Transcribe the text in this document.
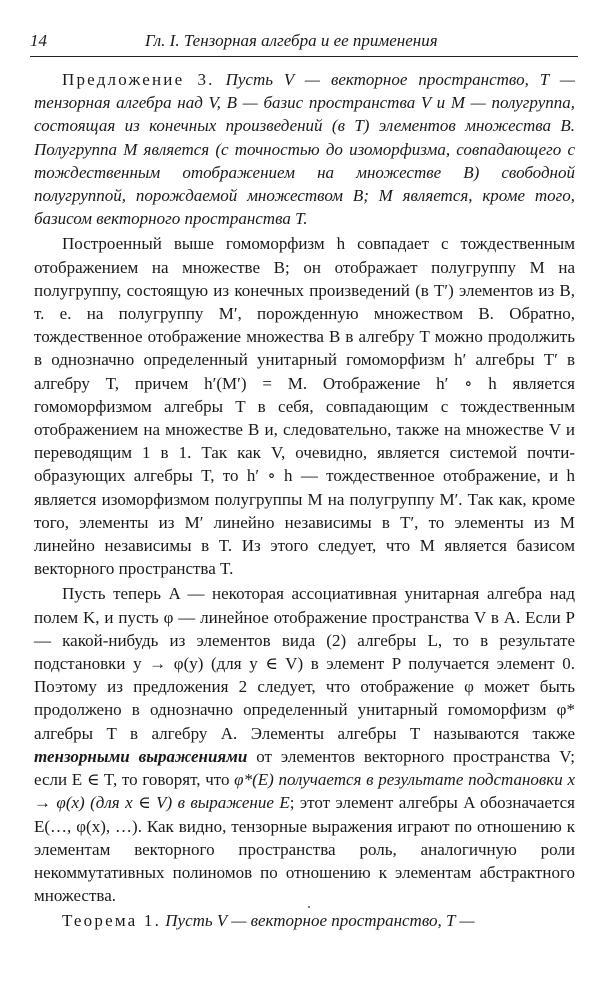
14	Гл. I. Тензорная алгебра и ее применения

Предложение 3. Пусть V — векторное пространство, T — тензорная алгебра над V, B — базис пространства V и M — полугруппа, состоящая из конечных произведений (в T) элементов множества B. Полугруппа M является (с точностью до изоморфизма, совпадающего с тождественным отображением на множестве B) свободной полугруппой, порождаемой множеством B; M является, кроме того, базисом векторного пространства T.

Построенный выше гомоморфизм h совпадает с тождественным отображением на множестве B; он отображает полугруппу M на полугруппу, состоящую из конечных произведений (в T′) элементов из B, т. е. на полугруппу M′, порожденную множеством B. Обратно, тождественное отображение множества B в алгебру T можно продолжить в однозначно определенный унитарный гомоморфизм h′ алгебры T′ в алгебру T, причем h′(M′) = M. Отображение h′ ∘ h является гомоморфизмом алгебры T в себя, совпадающим с тождественным отображением на множестве B и, следовательно, также на множестве V и переводящим 1 в 1. Так как V, очевидно, является системой почти-образующих алгебры T, то h′ ∘ h — тождественное отображение, и h является изоморфизмом полугруппы M на полугруппу M′. Так как, кроме того, элементы из M′ линейно независимы в T′, то элементы из M линейно независимы в T. Из этого следует, что M является базисом векторного пространства T.

Пусть теперь A — некоторая ассоциативная унитарная алгебра над полем K, и пусть φ — линейное отображение пространства V в A. Если P — какой-нибудь из элементов вида (2) алгебры L, то в результате подстановки y → φ(y) (для y ∈ V) в элемент P получается элемент 0. Поэтому из предложения 2 следует, что отображение φ может быть продолжено в однозначно определенный унитарный гомоморфизм φ* алгебры T в алгебру A. Элементы алгебры T называются также тензорными выражениями от элементов векторного пространства V; если E ∈ T, то говорят, что φ*(E) получается в результате подстановки x → φ(x) (для x ∈ V) в выражение E; этот элемент алгебры A обозначается E(…, φ(x), …). Как видно, тензорные выражения играют по отношению к элементам векторного пространства роль, аналогичную роли некоммутативных полиномов по отношению к элементам абстрактного множества.

Теорема 1. Пусть V — векторное пространство, T —
